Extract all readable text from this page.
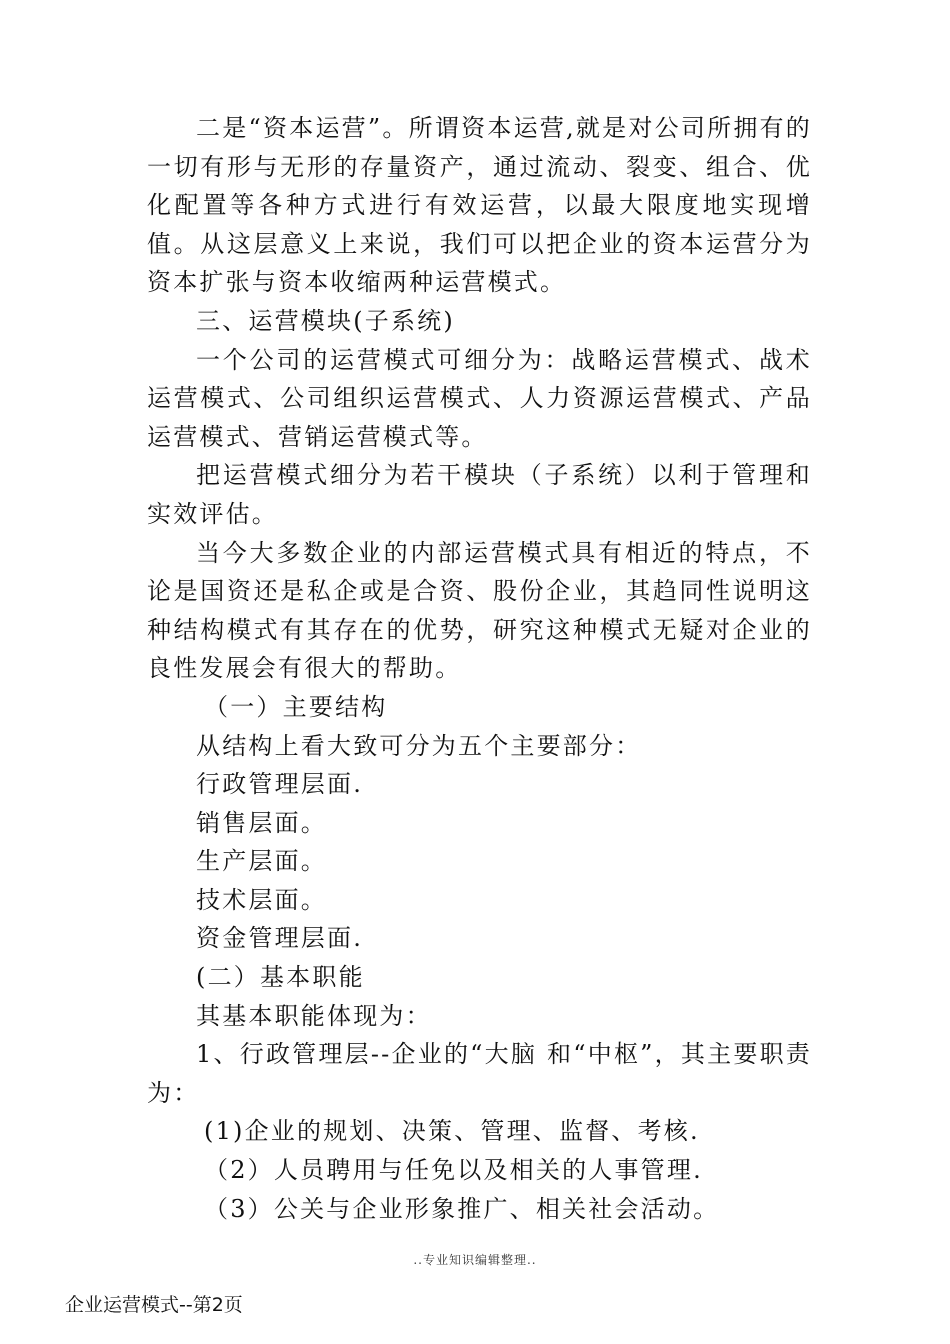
二是“资本运营”。所谓资本运营,就是对公司所拥有的一切有形与无形的存量资产，通过流动、裂变、组合、优化配置等各种方式进行有效运营，以最大限度地实现增值。从这层意义上来说，我们可以把企业的资本运营分为资本扩张与资本收缩两种运营模式。

三、运营模块(子系统)

一个公司的运营模式可细分为：战略运营模式、战术运营模式、公司组织运营模式、人力资源运营模式、产品运营模式、营销运营模式等。

把运营模式细分为若干模块（子系统）以利于管理和实效评估。

当今大多数企业的内部运营模式具有相近的特点，不论是国资还是私企或是合资、股份企业，其趋同性说明这种结构模式有其存在的优势，研究这种模式无疑对企业的良性发展会有很大的帮助。

（一）主要结构

从结构上看大致可分为五个主要部分：

行政管理层面.

销售层面。

生产层面。

技术层面。

资金管理层面.

(二）基本职能

其基本职能体现为：

1、行政管理层--企业的“大脑 和“中枢”，其主要职责为：

(1)企业的规划、决策、管理、监督、考核.

（2）人员聘用与任免以及相关的人事管理.

（3）公关与企业形象推广、相关社会活动。

..专业知识编辑整理..
企业运营模式--第2页
